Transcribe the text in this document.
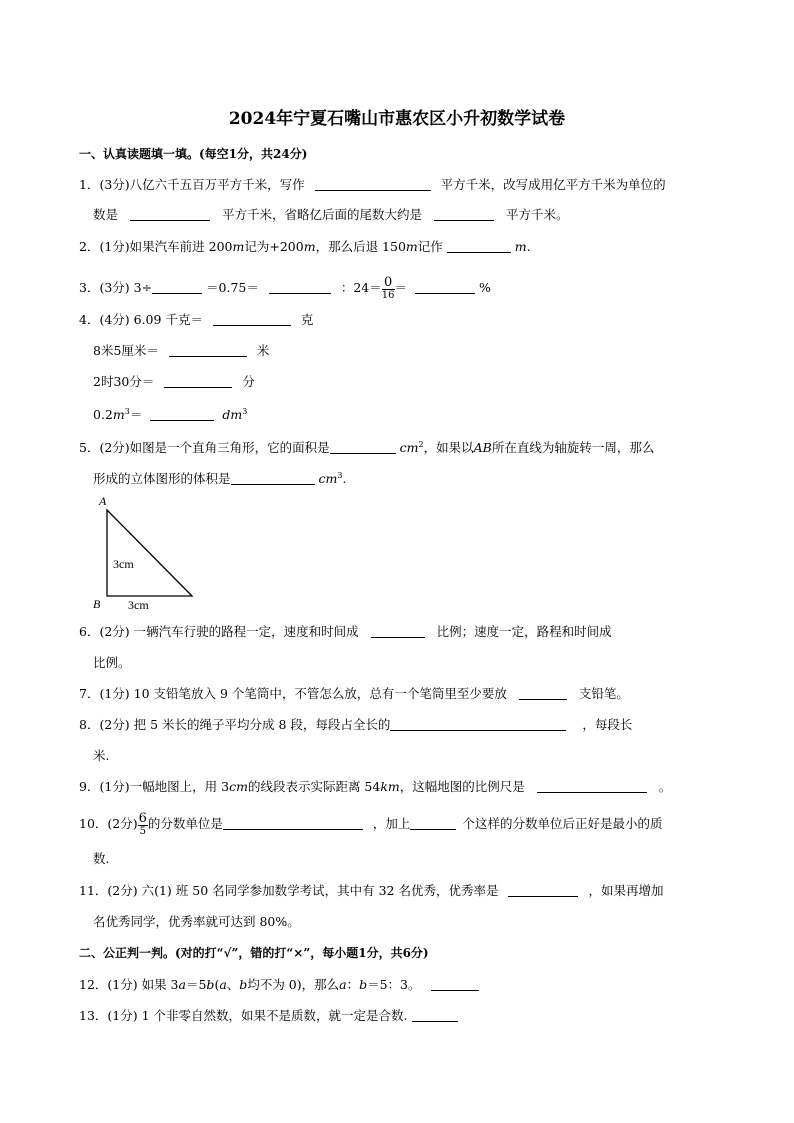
2024年宁夏石嘴山市惠农区小升初数学试卷
一、认真读题填一填。(每空1分，共24分)
1．(3分)八亿六千五百万平方千米，写作	平方千米，改写成用亿平方千米为单位的
数是	平方千米，省略亿后面的尾数大约是	平方千米。
2．(1分)如果汽车前进 200m记为+200m，那么后退 150m记作	m.
3．(3分) 3÷	＝0.75＝	：$24= \frac{0}{16}$ ＝	%
4．(4分) 6.09 千克＝	克
8米5厘米＝	米
2时30分＝	分
$0.2m^3=$	$dm^3$
5．(2分)如图是一个直角三角形，它的面积是	$cm^2$，如果以AB所在直线为轴旋转一周，那么
形成的立体图形的体积是	$cm^3$.
A
B
3cm
3cm
6．(2分) 一辆汽车行驶的路程一定，速度和时间成	比例；速度一定，路程和时间成
比例。
7．(1分) 10 支铅笔放入 9 个笔筒中，不管怎么放，总有一个笔筒里至少要放	支铅笔。
8．(2分) 把 5 米长的绳子平均分成 8 段，每段占全长的	，每段长
米.
9．(1分)一幅地图上，用 3cm的线段表示实际距离 54km，这幅地图的比例尺是	。
10．(2分) $\frac{6}{5}$ 的分数单位是	，加上	个这样的分数单位后正好是最小的质
数.
11．(2分) 六(1) 班 50 名同学参加数学考试，其中有 32 名优秀，优秀率是	，如果再增加
名优秀同学，优秀率就可达到 80%。
二、公正判一判。(对的打“√”，错的打“×”，每小题1分，共6分)
12．(1分) 如果 3a＝5b(a、b均不为 0)，那么a：b＝5：3。
13．(1分) 1 个非零自然数，如果不是质数，就一定是合数.
